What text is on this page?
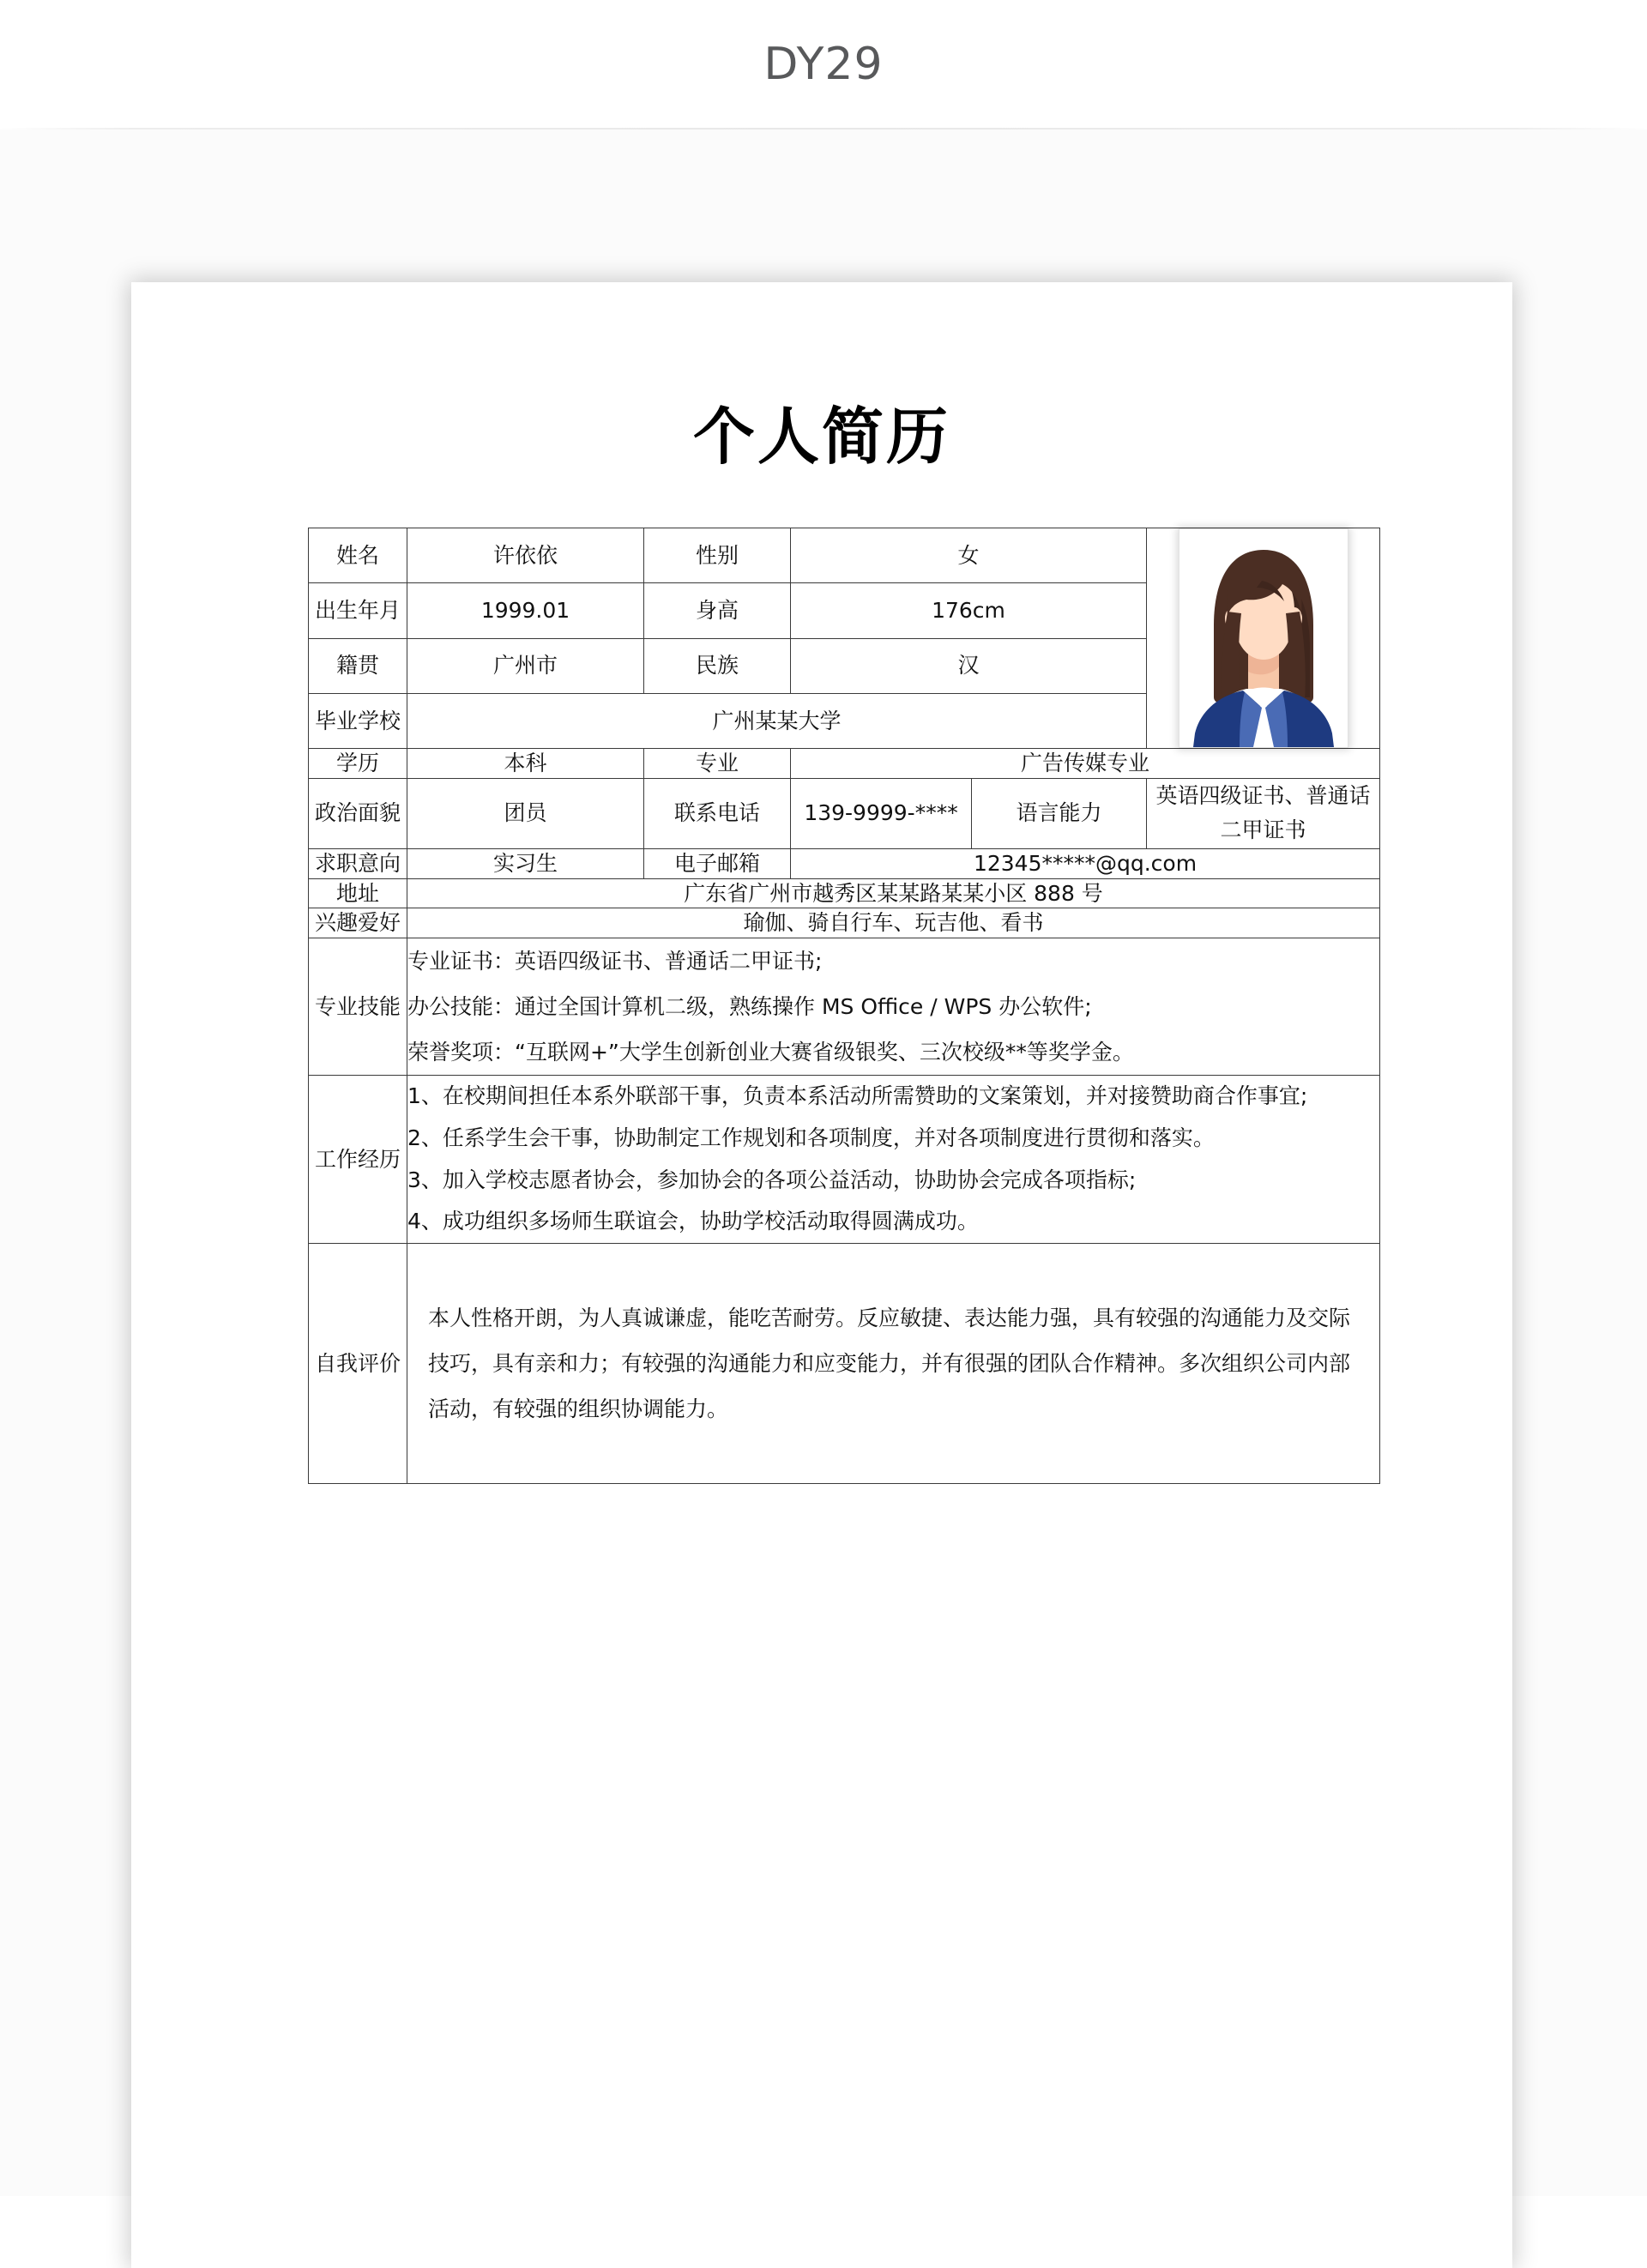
DY29
个人简历
姓名	许依依	性别	女	

出生年月	1999.01	身高	176cm		
籍贯	广州市	民族	汉		
毕业学校	广州某某大学				
学历	本科	专业	广告传媒专业		
政治面貌	团员	联系电话	139-9999-****	语言能力	英语四级证书、普通话二甲证书
求职意向	实习生	电子邮箱	12345*****@qq.com		
地址	广东省广州市越秀区某某路某某小区 888 号				
兴趣爱好	瑜伽、骑自行车、玩吉他、看书				
专业技能	专业证书：英语四级证书、普通话二甲证书;
办公技能：通过全国计算机二级，熟练操作 MS Office / WPS 办公软件;
荣誉奖项：“互联网+”大学生创新创业大赛省级银奖、三次校级**等奖学金。				

工作经历	1、在校期间担任本系外联部干事，负责本系活动所需赞助的文案策划，并对接赞助商合作事宜;
2、任系学生会干事，协助制定工作规划和各项制度，并对各项制度进行贯彻和落实。
3、加入学校志愿者协会，参加协会的各项公益活动，协助协会完成各项指标;
4、成功组织多场师生联谊会，协助学校活动取得圆满成功。				

自我评价	本人性格开朗，为人真诚谦虚，能吃苦耐劳。反应敏捷、表达能力强，具有较强的沟通能力及交际技巧，具有亲和力；有较强的沟通能力和应变能力，并有很强的团队合作精神。多次组织公司内部活动，有较强的组织协调能力。				
